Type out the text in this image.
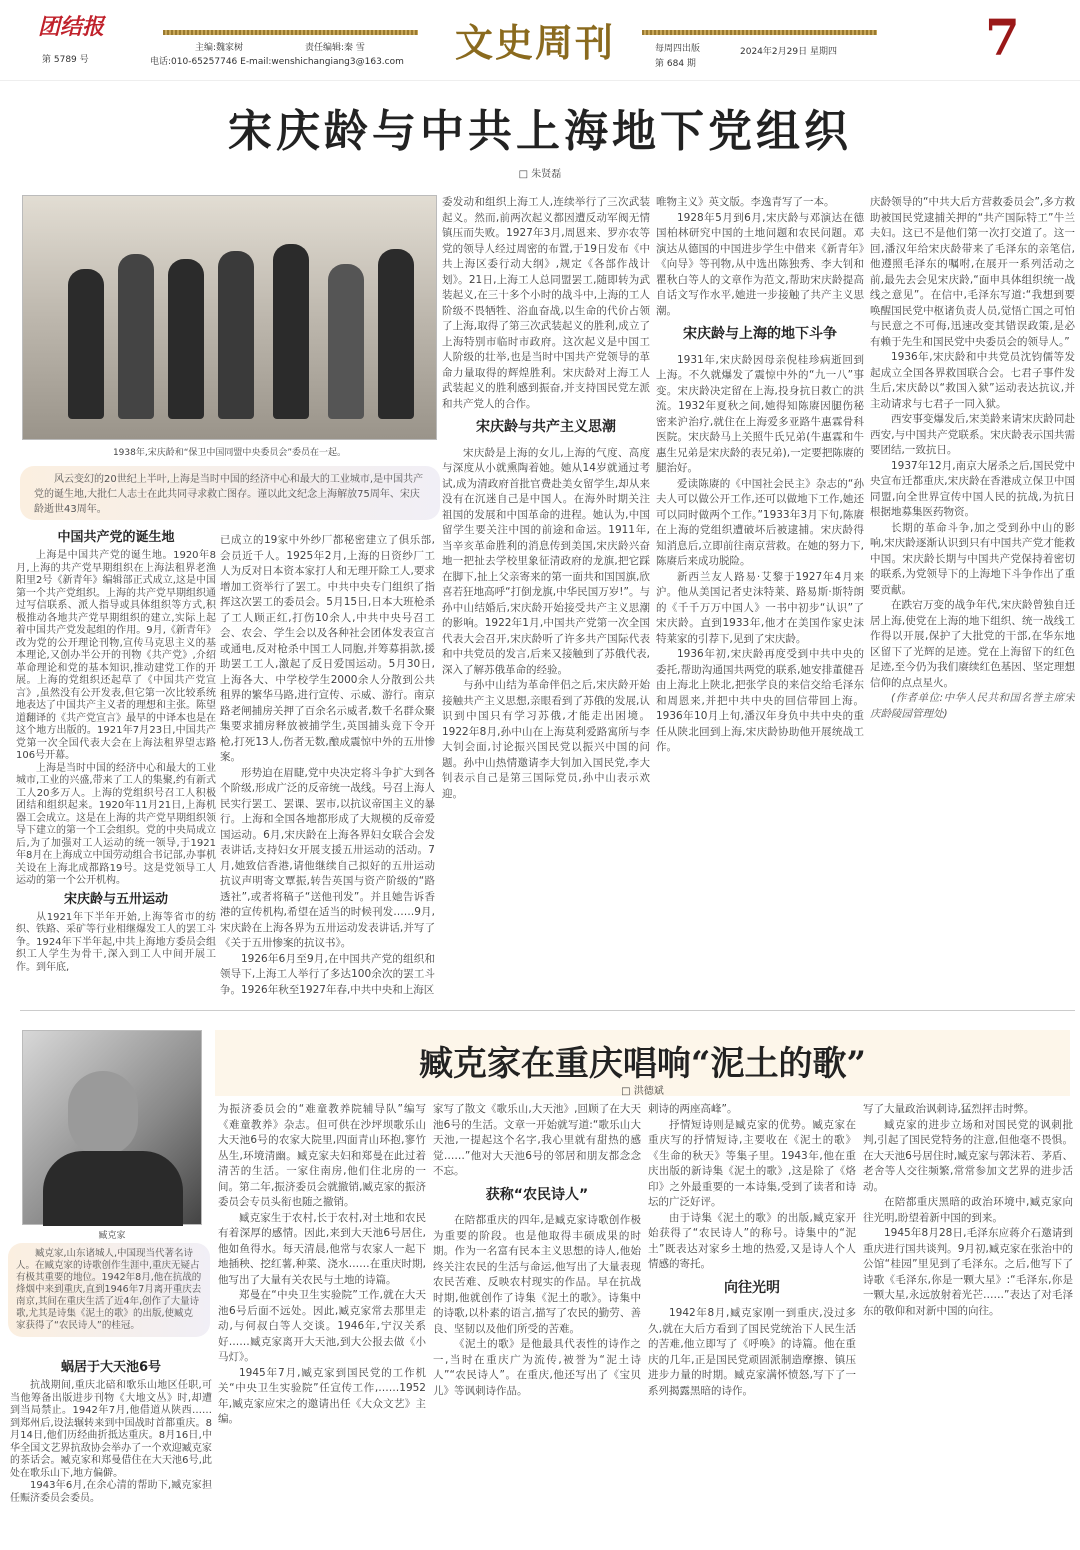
团结报
第 5789 号
主编:魏家树	责任编辑:秦 雪
电话:010-65257746 E-mail:wenshichangiang3@163.com 文史周刊	每周四出版
第 684 期
2024年2月29日 星期四	7
宋庆龄与中共上海地下党组织
□ 朱贤磊
1938年,宋庆龄和“保卫中国同盟中央委员会”委员在一起。
风云变幻的20世纪上半叶,上海是当时中国的经济中心和最大的工业城市,是中国共产党的诞生地,大批仁人志士在此共同寻求救亡图存。谨以此文纪念上海解放75周年、宋庆龄逝世43周年。
中国共产党的诞生地

上海是中国共产党的诞生地。1920年8月,上海的共产党早期组织在上海法租界老渔阳里2号《新青年》编辑部正式成立,这是中国第一个共产党组织。上海的共产党早期组织通过写信联系、派人指导或具体组织等方式,积极推动各地共产党早期组织的建立,实际上起着中国共产党发起组的作用。9月,《新青年》改为党的公开理论刊物,宣传马克思主义的基本理论,又创办半公开的刊物《共产党》,介绍革命理论和党的基本知识,推动建党工作的开展。上海的党组织还起草了《中国共产党宣言》,虽然没有公开发表,但它第一次比较系统地表达了中国共产主义者的理想和主张。陈望道翻译的《共产党宣言》最早的中译本也是在这个地方出版的。1921年7月23日,中国共产党第一次全国代表大会在上海法租界望志路106号开幕。

上海是当时中国的经济中心和最大的工业城市,工业的兴盛,带来了工人的集聚,约有新式工人20多万人。上海的党组织号召工人积极团结和组织起来。1920年11月21日,上海机器工会成立。这是在上海的共产党早期组织领导下建立的第一个工会组织。党的中央局成立后,为了加强对工人运动的统一领导,于1921年8月在上海成立中国劳动组合书记部,办事机关设在上海北成都路19号。这是党领导工人运动的第一个公开机构。

宋庆龄与五卅运动

从1921年下半年开始,上海等省市的纺织、铁路、采矿等行业相继爆发工人的罢工斗争。1924年下半年起,中共上海地方委员会组织工人学生为骨干,深入到工人中间开展工作。到年底,

已成立的19家中外纱厂都秘密建立了俱乐部,会员近千人。1925年2月,上海的日资纱厂工人为反对日本资本家打人和无理开除工人,要求增加工资举行了罢工。中共中央专门组织了指挥这次罢工的委员会。5月15日,日本大班枪杀了工人顾正红,打伤10余人,中共中央号召工会、农会、学生会以及各种社会团体发表宣言或通电,反对枪杀中国工人同胞,并筹募捐款,援助罢工工人,激起了反日爱国运动。5月30日,上海各大、中学校学生2000余人分散到公共租界的繁华马路,进行宣传、示威、游行。南京路老闸捕房关押了百余名示威者,数千名群众聚集要求捕房释放被捕学生,英国捕头竟下令开枪,打死13人,伤者无数,酿成震惊中外的五卅惨案。

形势迫在眉睫,党中央决定将斗争扩大到各个阶级,形成广泛的反帝统一战线。号召上海人民实行罢工、罢课、罢市,以抗议帝国主义的暴行。上海和全国各地都形成了大规模的反帝爱国运动。6月,宋庆龄在上海各界妇女联合会发表讲话,支持妇女开展支援五卅运动的活动。7月,她致信香港,请他继续自己拟好的五卅运动抗议声明寄文覃振,转告英国与资产阶级的“路透社”,或者将稿子“送他刊发”。并且她告诉香港的宣传机构,希望在适当的时候刊发……9月,宋庆龄在上海各界为五卅运动发表讲话,并写了《关于五卅惨案的抗议书》。

1926年6月至9月,在中国共产党的组织和领导下,上海工人举行了多达100余次的罢工斗争。1926年秋至1927年春,中共中央和上海区

委发动和组织上海工人,连续举行了三次武装起义。然而,前两次起义都因遭反动军阀无情镇压而失败。1927年3月,周恩来、罗亦农等党的领导人经过周密的布置,于19日发布《中共上海区委行动大纲》,规定《各部作战计划》。21日,上海工人总同盟罢工,随即转为武装起义,在三十多个小时的战斗中,上海的工人阶级不畏牺牲、浴血奋战,以生命的代价占领了上海,取得了第三次武装起义的胜利,成立了上海特别市临时市政府。这次起义是中国工人阶级的壮举,也是当时中国共产党领导的革命力量取得的辉煌胜利。宋庆龄对上海工人武装起义的胜利感到振奋,并支持国民党左派和共产党人的合作。

宋庆龄与共产主义思潮

宋庆龄是上海的女儿,上海的气度、高度与深度从小就熏陶着她。她从14岁就通过考试,成为清政府首批官费赴美女留学生,却从来没有在沉迷自己是中国人。在海外时期关注祖国的发展和中国革命的进程。她认为,中国留学生要关注中国的前途和命运。1911年,当辛亥革命胜利的消息传到美国,宋庆龄兴奋地一把扯去学校里象征清政府的龙旗,把它踩在脚下,扯上父亲寄来的第一面共和国国旗,欣喜若狂地高呼“打倒龙旗,中华民国万岁!”。与孙中山结婚后,宋庆龄开始接受共产主义思潮的影响。1922年1月,中国共产党第一次全国代表大会召开,宋庆龄听了许多共产国际代表和中共党员的发言,后来又接触到了苏俄代表,深入了解苏俄革命的经验。

与孙中山结为革命伴侣之后,宋庆龄开始接触共产主义思想,亲眼看到了苏俄的发展,认识到中国只有学习苏俄,才能走出困境。1922年8月,孙中山在上海莫利爱路寓所与李大钊会面,讨论振兴国民党以振兴中国的问题。孙中山热情邀请李大钊加入国民党,李大钊表示自己是第三国际党员,孙中山表示欢迎。

唯物主义》英文版。李逸青写了一本。

1928年5月到6月,宋庆龄与邓演达在德国柏林研究中国的土地问题和农民问题。邓演达从德国的中国进步学生中借来《新青年》《向导》等刊物,从中选出陈独秀、李大钊和瞿秋白等人的文章作为范文,帮助宋庆龄提高自话文写作水平,她进一步接触了共产主义思潮。

宋庆龄与上海的地下斗争

1931年,宋庆龄因母亲倪桂珍病逝回到上海。不久就爆发了震惊中外的“九一八”事变。宋庆龄决定留在上海,投身抗日救亡的洪流。1932年夏秋之间,她得知陈赓因腿伤秘密来沪治疗,就住在上海爱多亚路牛惠霖骨科医院。宋庆龄马上关照牛氏兄弟(牛惠霖和牛惠生兄弟是宋庆龄的表兄弟),一定要把陈赓的腿治好。

爱读陈赓的《中国社会民主》杂志的“孙夫人可以做公开工作,还可以做地下工作,她还可以同时做两个工作。”1933年3月下旬,陈赓在上海的党组织遭破坏后被逮捕。宋庆龄得知消息后,立即前往南京营救。在她的努力下,陈赓后来成功脱险。

新西兰友人路易·艾黎于1927年4月来沪。他从美国记者史沫特莱、路易斯·斯特朗的《千千万万中国人》一书中初步“认识”了宋庆龄。直到1933年,他才在美国作家史沫特莱家的引荐下,见到了宋庆龄。

1936年初,宋庆龄再度受到中共中央的委托,帮助沟通国共两党的联系,她安排董健吾由上海北上陕北,把张学良的来信交给毛泽东和周恩来,并把中共中央的回信带回上海。1936年10月上旬,潘汉年身负中共中央的重任从陕北回到上海,宋庆龄协助他开展统战工作。

庆龄领导的“中共大后方营救委员会”,多方救助被国民党逮捕关押的“共产国际特工”牛兰夫妇。这已不是他们第一次打交道了。这一回,潘汉年给宋庆龄带来了毛泽东的亲笔信,他遵照毛泽东的嘱咐,在展开一系列活动之前,最先去会见宋庆龄,“面申具体组织统一战线之意见”。在信中,毛泽东写道:“我想到要唤醒国民党中枢诸负责人员,觉悟亡国之可怕与民意之不可侮,迅速改变其错误政策,是必有赖于先生和国民党中央委员会的领导人。”

1936年,宋庆龄和中共党员沈钧儒等发起成立全国各界救国联合会。七君子事件发生后,宋庆龄以“救国入狱”运动表达抗议,并主动请求与七君子一同入狱。

西安事变爆发后,宋美龄来请宋庆龄同赴西安,与中国共产党联系。宋庆龄表示国共需要团结,一致抗日。

1937年12月,南京大屠杀之后,国民党中央宣布迁都重庆,宋庆龄在香港成立保卫中国同盟,向全世界宣传中国人民的抗战,为抗日根据地募集医药物资。

长期的革命斗争,加之受到孙中山的影响,宋庆龄逐渐认识到只有中国共产党才能救中国。宋庆龄长期与中国共产党保持着密切的联系,为党领导下的上海地下斗争作出了重要贡献。

在跌宕万变的战争年代,宋庆龄曾独自迁居上海,使党在上海的地下组织、统一战线工作得以开展,保护了大批党的干部,在华东地区留下了光辉的足迹。党在上海留下的红色足迹,至今仍为我们赓续红色基因、坚定理想信仰的点点星火。

(作者单位:中华人民共和国名誉主席宋庆龄陵园管理处)

臧克家
臧克家,山东诸城人,中国现当代著名诗人。在臧克家的诗歌创作生涯中,重庆无疑占有极其重要的地位。1942年8月,他在抗战的烽烟中来到重庆,直到1946年7月离开重庆去南京,其间在重庆生活了近4年,创作了大量诗歌,尤其是诗集《泥土的歌》的出版,使臧克家获得了“农民诗人”的桂冠。
臧克家在重庆唱响“泥土的歌”
□ 洪德斌
蜗居于大天池6号

抗战期间,重庆北碚和歌乐山地区任职,可当他筹备出版进步刊物《大地文丛》时,却遭到当局禁止。1942年7月,他借道从陕西……到郑州后,设法辗转来到中国战时首都重庆。8月14日,他们历经曲折抵达重庆。8月16日,中华全国文艺界抗敌协会举办了一个欢迎臧克家的茶话会。臧克家和郑曼借住在大天池6号,此处在歌乐山下,地方偏僻。

1943年6月,在余心清的帮助下,臧克家担任赈济委员会委员。

为振济委员会的“难童教养院辅导队”编写《难童教养》杂志。但可供在沙坪坝歌乐山大天池6号的农家大院里,四面青山环抱,寥竹丛生,环境清幽。臧克家夫妇和郑曼在此过着清苦的生活。一家住南房,他们住北房的一间。第二年,振济委员会就撤销,臧克家的振济委员会专员头衔也随之撤销。

臧克家生于农村,长于农村,对土地和农民有着深厚的感情。因此,来到大天池6号居住,他如鱼得水。每天清晨,他常与农家人一起下地插秧、挖红薯,种菜、浇水……在重庆时期,他写出了大量有关农民与土地的诗篇。

郑曼在“中央卫生实验院”工作,就在大天池6号后面不远处。因此,臧克家常去那里走动,与何叔白等人交谈。1946年,宁汉关系好……臧克家离开大天池,到大公报去做《小马灯》。

1945年7月,臧克家到国民党的工作机关“中央卫生实验院”任宣传工作,……1952年,臧克家应宋之的邀请出任《大众文艺》主编。

家写了散文《歌乐山,大天池》,回顾了在大天池6号的生活。文章一开始就写道:“歌乐山大天池,一提起这个名字,我心里就有甜热的感觉……”他对大天池6号的邻居和朋友都念念不忘。

获称“农民诗人”

在陪都重庆的四年,是臧克家诗歌创作极为重要的阶段。也是他取得丰硕成果的时期。作为一名富有民本主义思想的诗人,他始终关注农民的生活与命运,他写出了大量表现农民苦难、反映农村现实的作品。早在抗战时期,他就创作了诗集《泥土的歌》。诗集中的诗歌,以朴素的语言,描写了农民的勤劳、善良、坚韧以及他们所受的苦难。

《泥土的歌》是他最具代表性的诗作之一,当时在重庆广为流传,被誉为“泥土诗人”“农民诗人”。在重庆,他还写出了《宝贝儿》等讽刺诗作品。

刺诗的两座高峰”。

抒情短诗则是臧克家的优势。臧克家在重庆写的抒情短诗,主要收在《泥土的歌》《生命的秋天》等集子里。1943年,他在重庆出版的新诗集《泥土的歌》,这是除了《烙印》之外最重要的一本诗集,受到了读者和诗坛的广泛好评。

由于诗集《泥土的歌》的出版,臧克家开始获得了“农民诗人”的称号。诗集中的“泥土”既表达对家乡土地的热爱,又是诗人个人情感的寄托。

向往光明

1942年8月,臧克家刚一到重庆,没过多久,就在大后方看到了国民党统治下人民生活的苦难,他立即写了《呼唤》的诗篇。他在重庆的几年,正是国民党顽固派制造摩擦、镇压进步力量的时期。臧克家满怀愤怒,写下了一系列揭露黑暗的诗作。

写了大量政治讽刺诗,猛烈抨击时弊。

臧克家的进步立场和对国民党的讽刺批判,引起了国民党特务的注意,但他毫不畏惧。在大天池6号居住时,臧克家与郭沫若、茅盾、老舍等人交往频繁,常常参加文艺界的进步活动。

在陪都重庆黑暗的政治环境中,臧克家向往光明,盼望着新中国的到来。

1945年8月28日,毛泽东应蒋介石邀请到重庆进行国共谈判。9月初,臧克家在张治中的公馆“桂园”里见到了毛泽东。之后,他写下了诗歌《毛泽东,你是一颗大星》:“毛泽东,你是一颗大星,永远放射着光芒……”表达了对毛泽东的敬仰和对新中国的向往。
